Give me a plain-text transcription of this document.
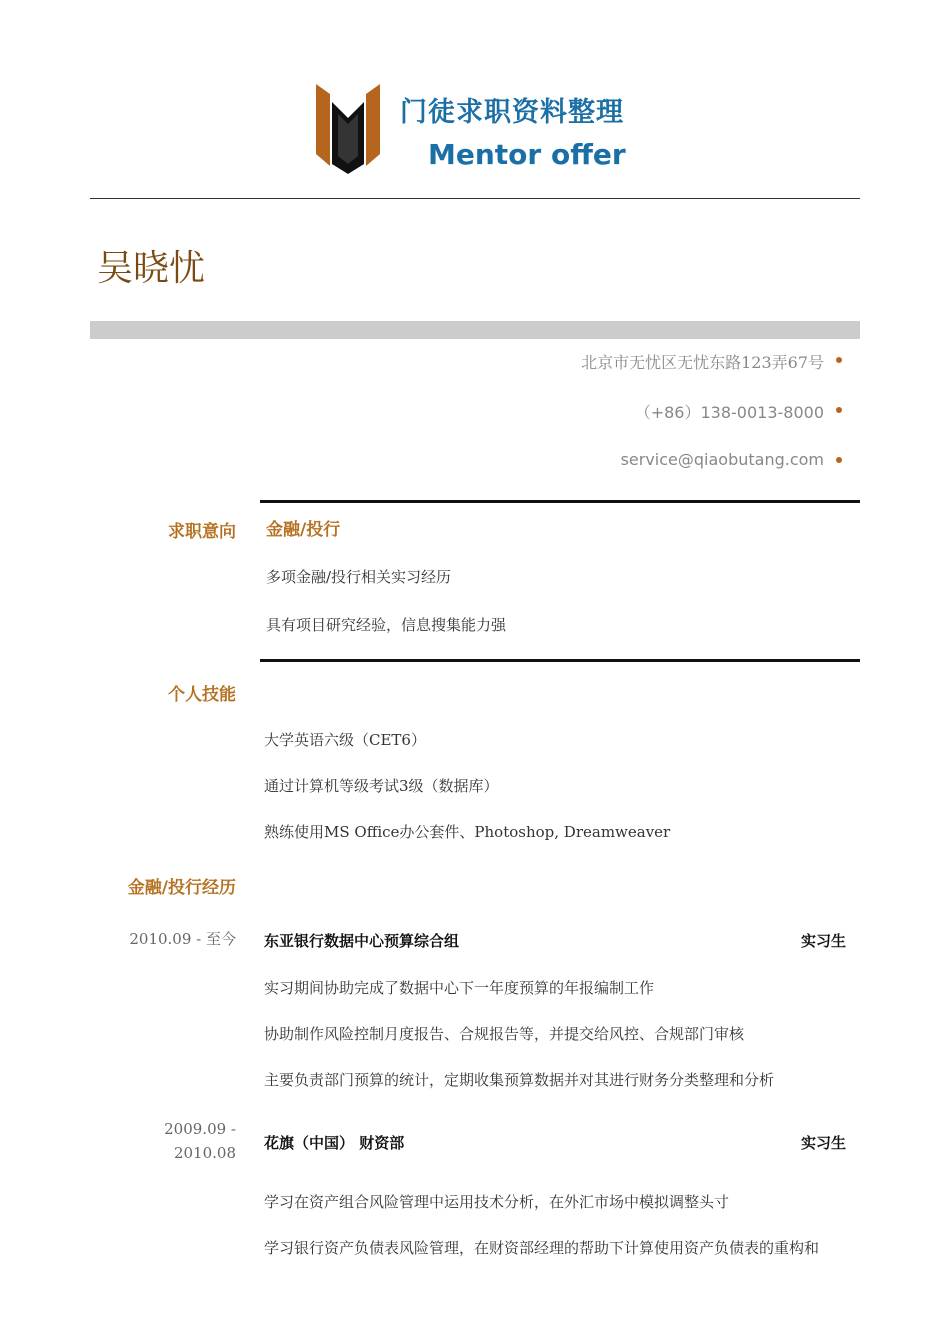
门徒求职资料整理
Mentor offer
吴晓忧
北京市无忧区无忧东路123弄67号
（+86）138-0013-8000
service@qiaobutang.com
求职意向 金融/投行
多项金融/投行相关实习经历
具有项目研究经验，信息搜集能力强
个人技能
大学英语六级（CET6）
通过计算机等级考试3级（数据库）
熟练使用MS Office办公套件、Photoshop, Dreamweaver
金融/投行经历
2010.09 - 至今 东亚银行数据中心预算综合组	实习生
实习期间协助完成了数据中心下一年度预算的年报编制工作
协助制作风险控制月度报告、合规报告等，并提交给风控、合规部门审核
主要负责部门预算的统计，定期收集预算数据并对其进行财务分类整理和分析
2009.09 -
2010.08
花旗（中国） 财资部	实习生
学习在资产组合风险管理中运用技术分析，在外汇市场中模拟调整头寸
学习银行资产负债表风险管理，在财资部经理的帮助下计算使用资产负债表的重构和
